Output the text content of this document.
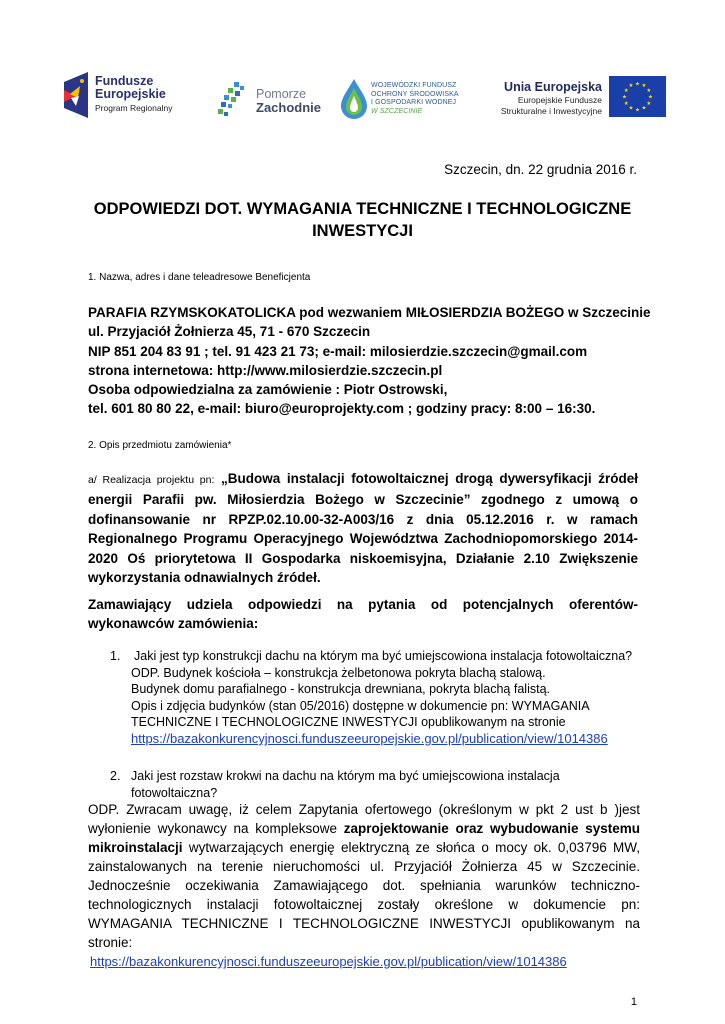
Fundusze
Europejskie
Program Regionalny
Pomorze
Zachodnie
WOJEWÓDZKI FUNDUSZ
OCHRONY ŚRODOWISKA
I GOSPODARKI WODNEJ
W SZCZECINIE
Unia Europejska
Europejskie Fundusze
Strukturalne i Inwestycyjne
★ ★
★
★
★
★
★
★
★
★
★
★
Szczecin, dn. 22 grudnia 2016 r.
ODPOWIEDZI DOT. WYMAGANIA TECHNICZNE I TECHNOLOGICZNE
INWESTYCJI
1. Nazwa, adres i dane teleadresowe Beneficjenta
PARAFIA RZYMSKOKATOLICKA pod wezwaniem MIŁOSIERDZIA BOŻEGO w Szczecinie
ul. Przyjaciół Żołnierza 45, 71 - 670 Szczecin
NIP 851 204 83 91 ; tel. 91 423 21 73; e-mail: milosierdzie.szczecin@gmail.com
strona internetowa: http://www.milosierdzie.szczecin.pl
Osoba odpowiedzialna za zamówienie : Piotr Ostrowski,
tel. 601 80 80 22, e-mail: biuro@europrojekty.com ; godziny pracy: 8:00 – 16:30.
2. Opis przedmiotu zamówienia*
a/ Realizacja projektu pn: „Budowa instalacji fotowoltaicznej drogą dywersyfikacji źródeł energii Parafii pw. Miłosierdzia Bożego w Szczecinie” zgodnego z umową o dofinansowanie nr RPZP.02.10.00-32-A003/16 z dnia 05.12.2016 r. w ramach Regionalnego Programu Operacyjnego Województwa Zachodniopomorskiego 2014-2020 Oś priorytetowa II Gospodarka niskoemisyjna, Działanie 2.10 Zwiększenie wykorzystania odnawialnych źródeł.
Zamawiający udziela odpowiedzi na pytania od potencjalnych oferentów-wykonawców zamówienia:
1. Jaki jest typ konstrukcji dachu na którym ma być umiejscowiona instalacja fotowoltaiczna?
ODP. Budynek kościoła – konstrukcja żelbetonowa pokryta blachą stalową.
Budynek domu parafialnego - konstrukcja drewniana, pokryta blachą falistą.
Opis i zdjęcia budynków (stan 05/2016) dostępne w dokumencie pn: WYMAGANIA
TECHNICZNE I TECHNOLOGICZNE INWESTYCJI opublikowanym na stronie
https://bazakonkurencyjnosci.funduszeeuropejskie.gov.pl/publication/view/1014386
2. Jaki jest rozstaw krokwi na dachu na którym ma być umiejscowiona instalacja
fotowoltaiczna?
ODP. Zwracam uwagę, iż celem Zapytania ofertowego (określonym w pkt 2 ust b )jest wyłonienie wykonawcy na kompleksowe zaprojektowanie oraz wybudowanie systemu mikroinstalacji wytwarzających energię elektryczną ze słońca o mocy ok. 0,03796 MW, zainstalowanych na terenie nieruchomości ul. Przyjaciół Żołnierza 45 w Szczecinie. Jednocześnie oczekiwania Zamawiającego dot. spełniania warunków techniczno-technologicznych instalacji fotowoltaicznej zostały określone w dokumencie pn: WYMAGANIA TECHNICZNE I TECHNOLOGICZNE INWESTYCJI opublikowanym na stronie:
https://bazakonkurencyjnosci.funduszeeuropejskie.gov.pl/publication/view/1014386
1
